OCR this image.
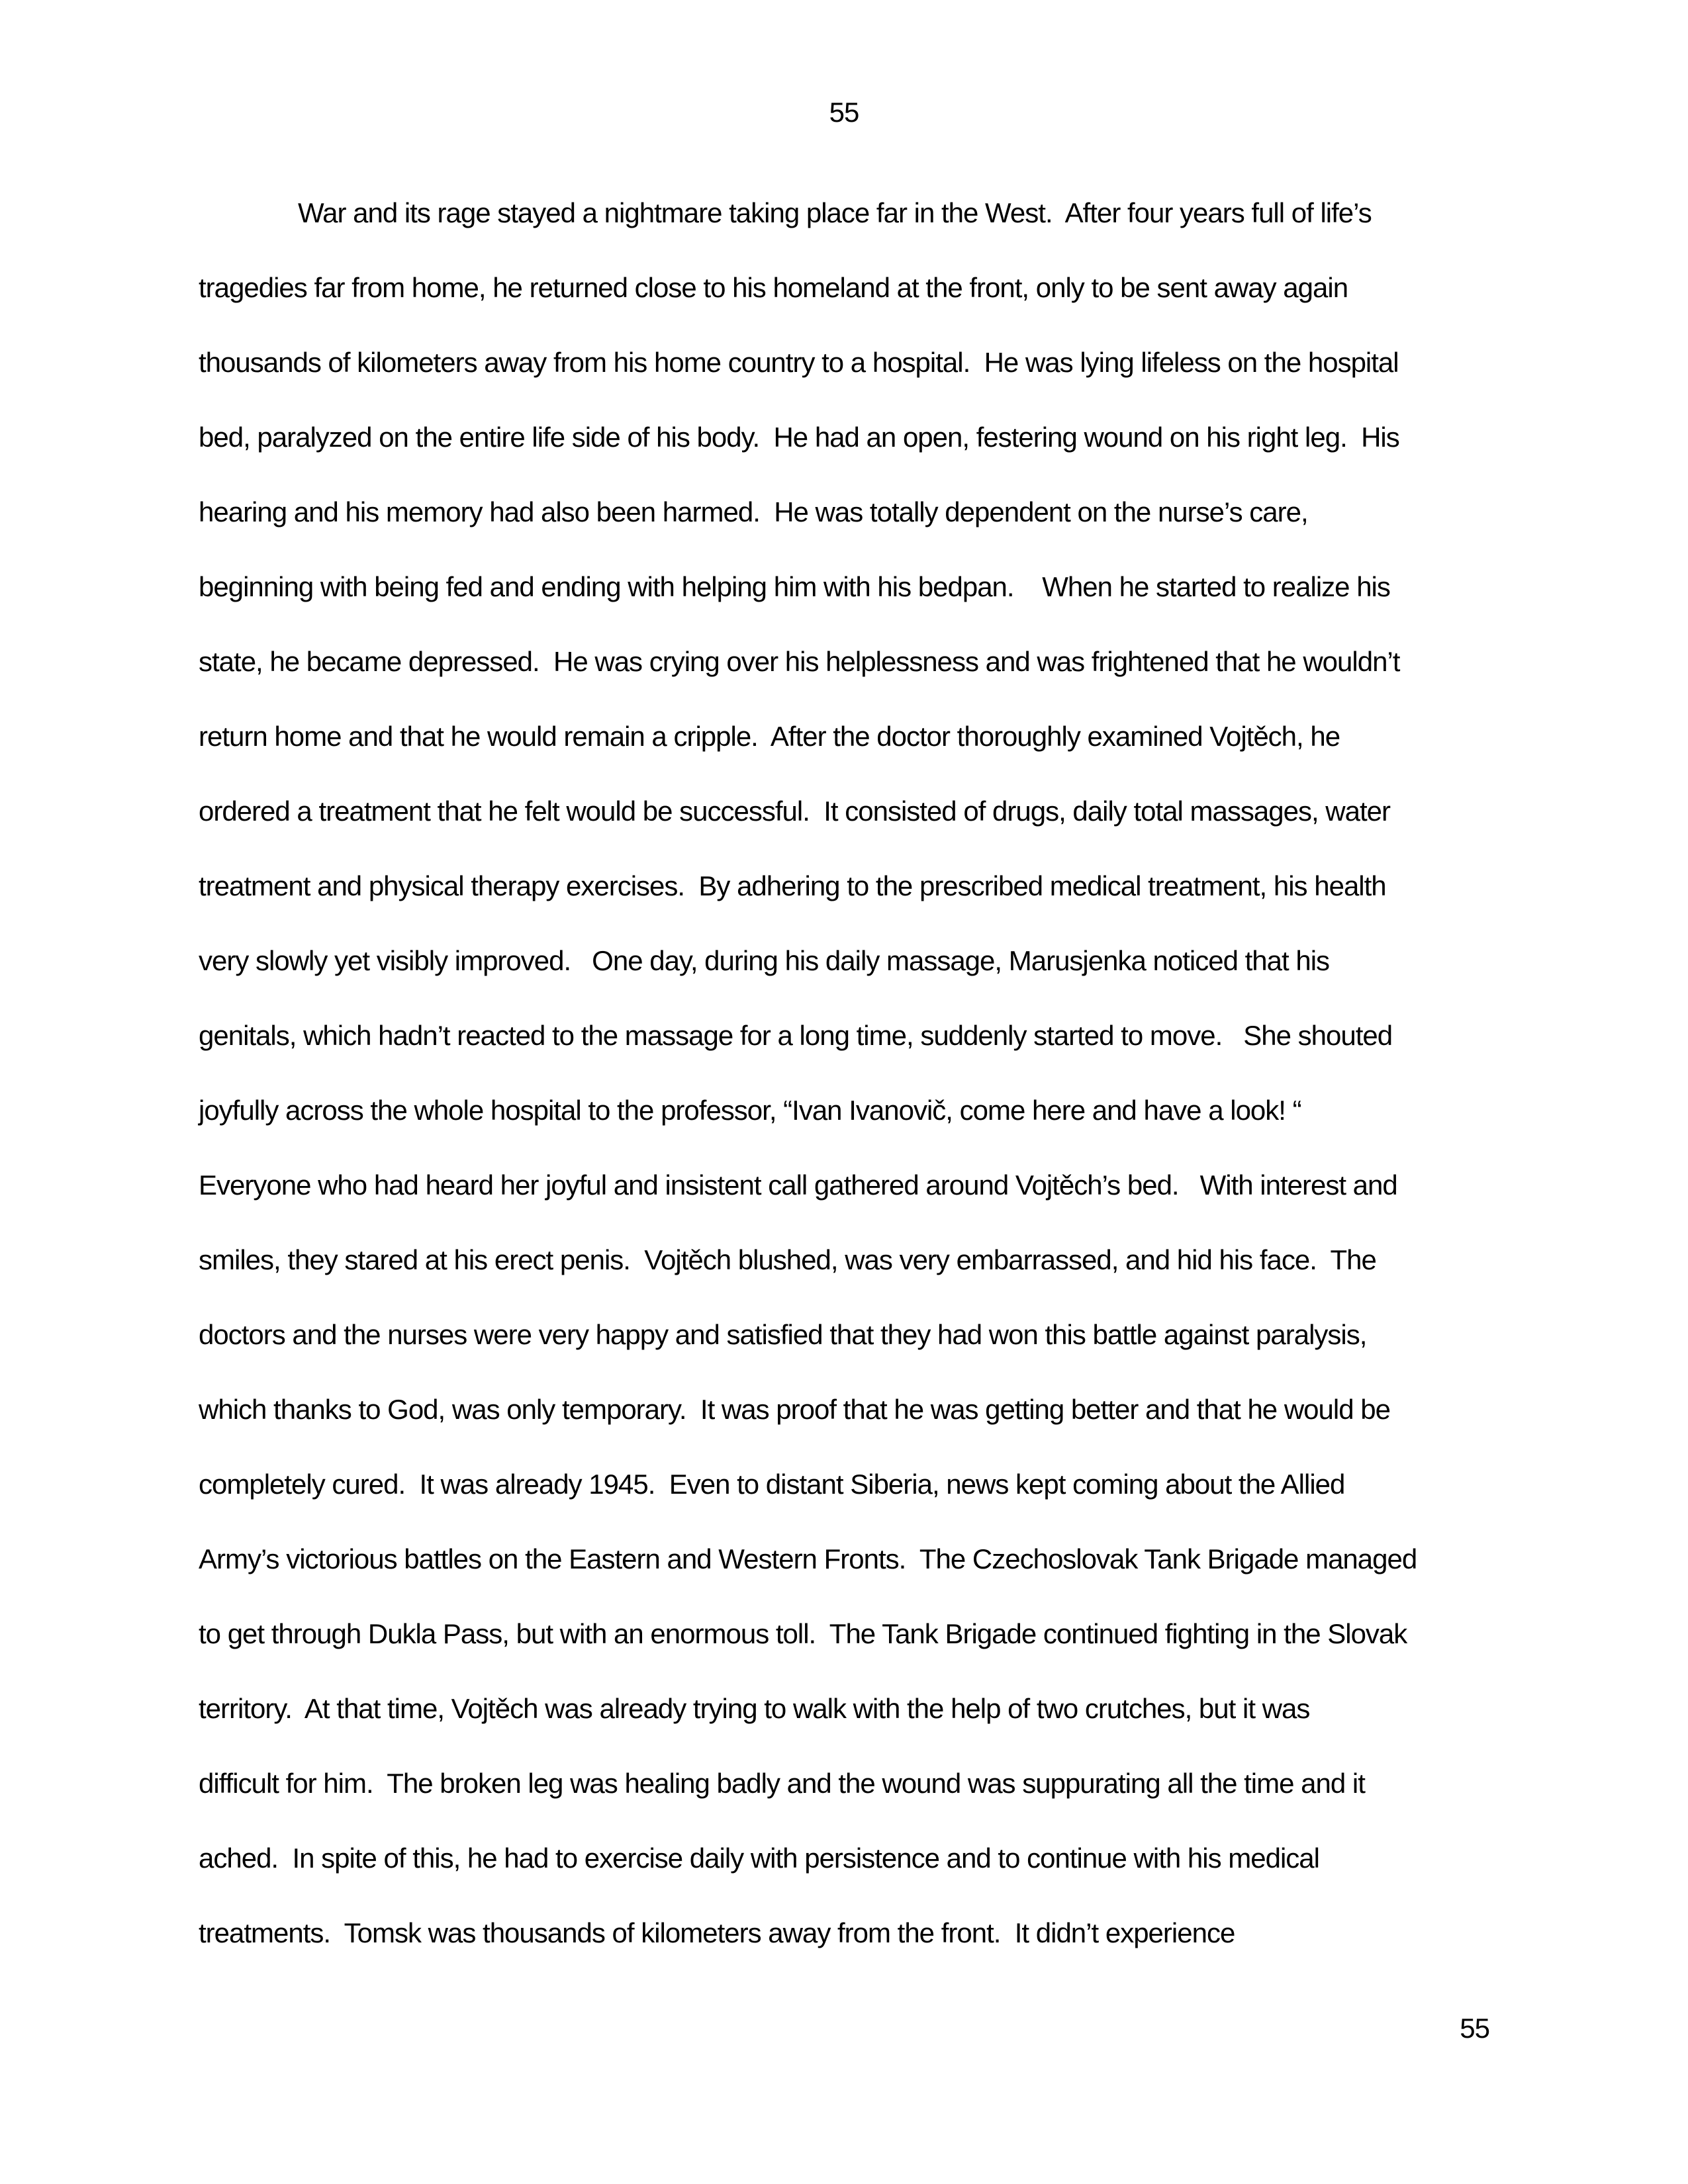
55
War and its rage stayed a nightmare taking place far in the West.  After four years full of life’s
tragedies far from home, he returned close to his homeland at the front, only to be sent away again
thousands of kilometers away from his home country to a hospital.  He was lying lifeless on the hospital
bed, paralyzed on the entire life side of his body.  He had an open, festering wound on his right leg.  His
hearing and his memory had also been harmed.  He was totally dependent on the nurse’s care,
beginning with being fed and ending with helping him with his bedpan.    When he started to realize his
state, he became depressed.  He was crying over his helplessness and was frightened that he wouldn’t
return home and that he would remain a cripple.  After the doctor thoroughly examined Vojtěch, he
ordered a treatment that he felt would be successful.  It consisted of drugs, daily total massages, water
treatment and physical therapy exercises.  By adhering to the prescribed medical treatment, his health
very slowly yet visibly improved.   One day, during his daily massage, Marusjenka noticed that his
genitals, which hadn’t reacted to the massage for a long time, suddenly started to move.   She shouted
joyfully across the whole hospital to the professor, “Ivan Ivanovič, come here and have a look! “
Everyone who had heard her joyful and insistent call gathered around Vojtěch’s bed.   With interest and
smiles, they stared at his erect penis.  Vojtěch blushed, was very embarrassed, and hid his face.  The
doctors and the nurses were very happy and satisfied that they had won this battle against paralysis,
which thanks to God, was only temporary.  It was proof that he was getting better and that he would be
completely cured.  It was already 1945.  Even to distant Siberia, news kept coming about the Allied
Army’s victorious battles on the Eastern and Western Fronts.  The Czechoslovak Tank Brigade managed
to get through Dukla Pass, but with an enormous toll.  The Tank Brigade continued fighting in the Slovak
territory.  At that time, Vojtěch was already trying to walk with the help of two crutches, but it was
difficult for him.  The broken leg was healing badly and the wound was suppurating all the time and it
ached.  In spite of this, he had to exercise daily with persistence and to continue with his medical
treatments.  Tomsk was thousands of kilometers away from the front.  It didn’t experience
55
